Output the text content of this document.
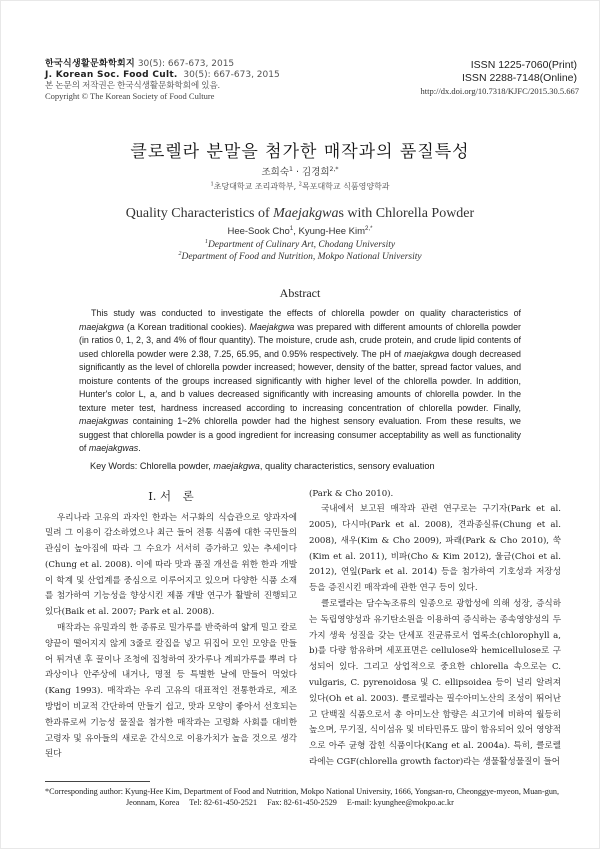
한국식생활문화학회지 30(5): 667-673, 2015
J. Korean Soc. Food Cult. 30(5): 667-673, 2015
본 논문의 저작권은 한국식생활문화학회에 있음.
Copyright © The Korean Society of Food Culture
ISSN 1225-7060(Print)
ISSN 2288-7148(Online)
http://dx.doi.org/10.7318/KJFC/2015.30.5.667
클로렐라 분말을 첨가한 매작과의 품질특성
조희숙$^1$ · 김경희$^{2,*}$
$^1$초당대학교 조리과학부, $^2$목포대학교 식품영양학과
Quality Characteristics of Maejakgwas with Chlorella Powder
Hee-Sook Cho$^1$, Kyung-Hee Kim$^{2,*}$
$^1$Department of Culinary Art, Chodang University
$^2$Department of Food and Nutrition, Mokpo National University
Abstract
This study was conducted to investigate the effects of chlorella powder on quality characteristics of maejakgwa (a Korean traditional cookies). Maejakgwa was prepared with different amounts of chlorella powder (in ratios 0, 1, 2, 3, and 4% of flour quantity). The moisture, crude ash, crude protein, and crude lipid contents of used chlorella powder were 2.38, 7.25, 65.95, and 0.95% respectively. The pH of maejakgwa dough decreased significantly as the level of chlorella powder increased; however, density of the batter, spread factor values, and moisture contents of the groups increased significantly with higher level of the chlorella powder. In addition, Hunter's color L, a, and b values decreased significantly with increasing amounts of chlorella powder. In the texture meter test, hardness increased according to increasing concentration of chlorella powder. Finally, maejakgwas containing 1~2% chlorella powder had the highest sensory evaluation. From these results, we suggest that chlorella powder is a good ingredient for increasing consumer acceptability as well as functionality of maejakgwas.
Key Words: Chlorella powder, maejakgwa, quality characteristics, sensory evaluation
I. 서　론

우리나라 고유의 과자인 한과는 서구화의 식습관으로 양과자에 밀려 그 이용이 감소하였으나 최근 들어 전통 식품에 대한 국민들의 관심이 높아짐에 따라 그 수요가 서서히 증가하고 있는 추세이다(Chung et al. 2008). 이에 따라 맛과 품질 개선을 위한 한과 개발이 학계 및 산업계를 중심으로 이루어지고 있으며 다양한 식품 소재를 첨가하여 기능성을 향상시킨 제품 개발 연구가 활발히 진행되고 있다(Baik et al. 2007; Park et al. 2008).

매작과는 유밀과의 한 종류로 밀가루를 반죽하여 얇게 밀고 칼로 양끝이 떨어지지 않게 3줄로 칼집을 넣고 뒤집어 모인 모양을 만들어 튀겨낸 후 꿀이나 조청에 집청하여 잣가루나 계피가루를 뿌려 다과상이나 안주상에 내거나, 명절 등 특별한 날에 만들어 먹었다(Kang 1993). 매작과는 우리 고유의 대표적인 전통한과로, 제조 방법이 비교적 간단하여 만들기 쉽고, 맛과 모양이 좋아서 선호되는 한과류로써 기능성 물질을 첨가한 매작과는 고령화 사회를 대비한 고령자 및 유아들의 새로운 간식으로 이용가치가 높을 것으로 생각된다

(Park & Cho 2010).

국내에서 보고된 매작과 관련 연구로는 구기자(Park et al. 2005), 다시마(Park et al. 2008), 견과종실류(Chung et al. 2008), 새우(Kim & Cho 2009), 파래(Park & Cho 2010), 쑥(Kim et al. 2011), 비파(Cho & Kim 2012), 울금(Choi et al. 2012), 연잎(Park et al. 2014) 등을 첨가하여 기호성과 저장성 등을 증진시킨 매작과에 관한 연구 등이 있다.

클로렐라는 담수녹조류의 일종으로 광합성에 의해 성장, 증식하는 독립영양성과 유기탄소원을 이용하여 증식하는 종속영양성의 두 가지 생육 성질을 갖는 단세포 진균류로서 엽록소(chlorophyll a, b)를 다량 함유하며 세포표면은 cellulose와 hemicellulose로 구성되어 있다. 그리고 상업적으로 중요한 chlorella 속으로는 C. vulgaris, C. pyrenoidosa 및 C. ellipsoidea 등이 널리 알려져 있다(Oh et al. 2003). 클로렐라는 필수아미노산의 조성이 뛰어난 고 단백질 식품으로서 총 아미노산 함량은 쇠고기에 비하여 월등히 높으며, 무기질, 식이섬유 및 비타민류도 많이 함유되어 있어 영양적으로 아주 균형 잡힌 식품이다(Kang et al. 2004a). 특히, 클로렐라에는 CGF(chlorella growth factor)라는 생물활성물질이 들어

*Corresponding author: Kyung-Hee Kim, Department of Food and Nutrition, Mokpo National University, 1666, Yongsan-ro, Cheonggye-myeon, Muan-gun,
Jeonnam, Korea Tel: 82-61-450-2521 Fax: 82-61-450-2529 E-mail: kyunghee@mokpo.ac.kr
